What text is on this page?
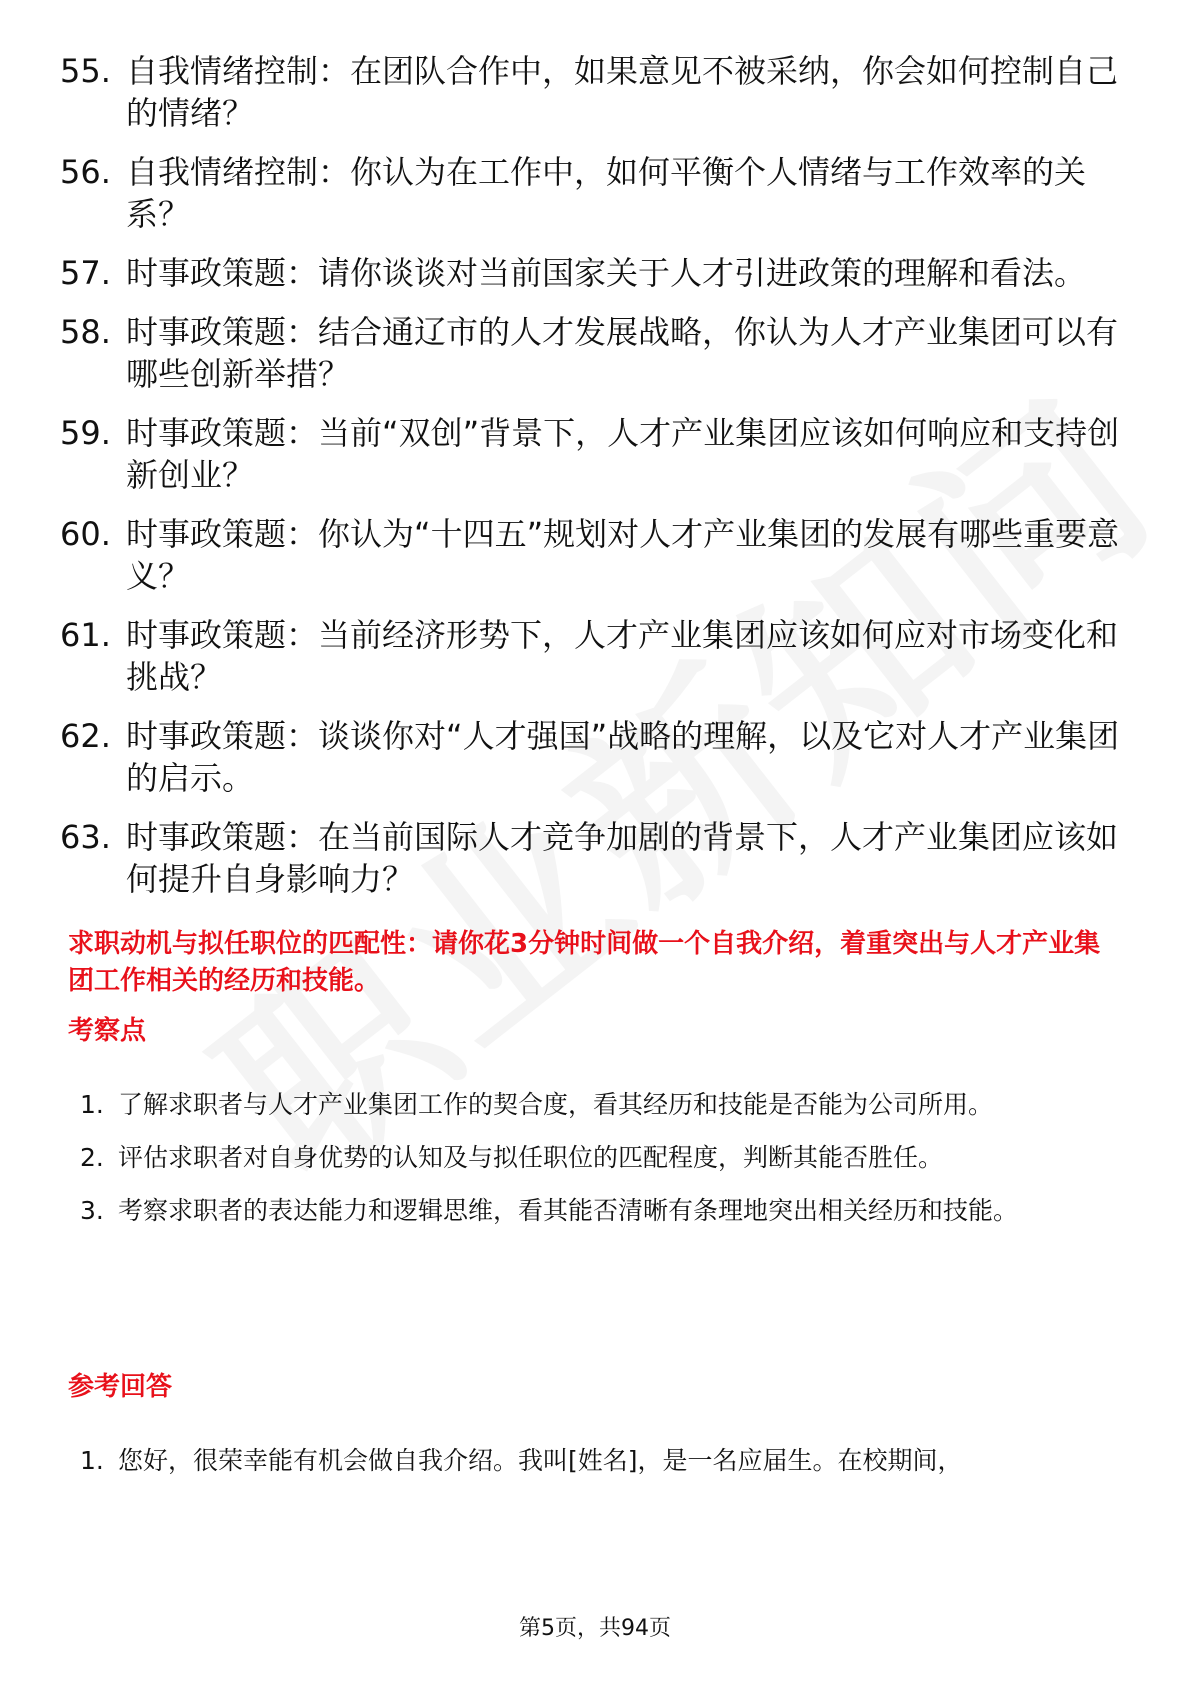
55. 自我情绪控制：在团队合作中，如果意见不被采纳，你会如何控制自己的情绪？
56. 自我情绪控制：你认为在工作中，如何平衡个人情绪与工作效率的关系？
57. 时事政策题：请你谈谈对当前国家关于人才引进政策的理解和看法。
58. 时事政策题：结合通辽市的人才发展战略，你认为人才产业集团可以有哪些创新举措？
59. 时事政策题：当前“双创”背景下，人才产业集团应该如何响应和支持创新创业？
60. 时事政策题：你认为“十四五”规划对人才产业集团的发展有哪些重要意义？
61. 时事政策题：当前经济形势下，人才产业集团应该如何应对市场变化和挑战？
62. 时事政策题：谈谈你对“人才强国”战略的理解，以及它对人才产业集团的启示。
63. 时事政策题：在当前国际人才竞争加剧的背景下，人才产业集团应该如何提升自身影响力？
求职动机与拟任职位的匹配性：请你花3分钟时间做一个自我介绍，着重突出与人才产业集团工作相关的经历和技能。
考察点
1. 了解求职者与人才产业集团工作的契合度，看其经历和技能是否能为公司所用。
2. 评估求职者对自身优势的认知及与拟任职位的匹配程度，判断其能否胜任。
3. 考察求职者的表达能力和逻辑思维，看其能否清晰有条理地突出相关经历和技能。
参考回答
1. 您好，很荣幸能有机会做自我介绍。我叫[姓名]，是一名应届生。在校期间，
第5页，共94页
